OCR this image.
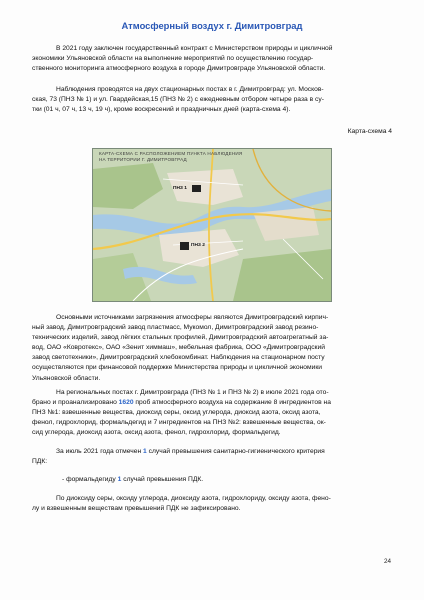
Атмосферный воздух г. Димитровград

В 2021 году заключен государственный контракт с Министерством природы и цикличной
экономики Ульяновской области на выполнение мероприятий по осуществлению государ-
ственного мониторинга атмосферного воздуха в городе Димитровграде Ульяновской области.

Наблюдения проводятся на двух стационарных постах в г. Димитровград: ул. Москов-
ская, 73 (ПНЗ № 1) и ул. Гвардейская,15 (ПНЗ № 2) с ежедневным отбором четыре раза в су-
тки (01 ч, 07 ч, 13 ч, 19 ч), кроме воскресений и праздничных дней (карта-схема 4).

Карта-схема 4
КАРТА-СХЕМА С РАСПОЛОЖЕНИЕМ ПУНКТА НАБЛЮДЕНИЯ
НА ТЕРРИТОРИИ Г. ДИМИТРОВГРАД
ПНЗ 1
ПНЗ 2

Основными источниками загрязнения атмосферы являются Димитровградский кирпич-
ный завод, Димитровградский завод пластмасс, Мукомол, Димитровградский завод резино-
технических изделий, завод лёгких стальных профилей, Димитровградский автоагрегатный за-
вод, ОАО «Ковротекс», ОАО «Зенит химмаш», мебельная фабрика, ООО «Димитровградский
завод светотехники», Димитровградский хлебокомбинат. Наблюдения на стационарном посту
осуществляются при финансовой поддержке Министерства природы и цикличной экономики
Ульяновской области.

На региональных постах г. Димитровграда (ПНЗ № 1 и ПНЗ № 2) в июле 2021 года ото-
брано и проанализировано 1620 проб атмосферного воздуха на содержание 8 ингредиентов на
ПНЗ №1: взвешенные вещества, диоксид серы, оксид углерода, диоксид азота, оксид азота,
фенол, гидрохлорид, формальдегид и 7 ингредиентов на ПНЗ №2: взвешенные вещества, ок-
сид углерода, диоксид азота, оксид азота, фенол, гидрохлорид, формальдегид.

За июль 2021 года отмечен 1 случай превышения санитарно-гигиенического критерия
ПДК:

- формальдегиду 1 случай превышения ПДК.

По диоксиду серы, оксиду углерода, диоксиду азота, гидрохлориду, оксиду азота, фено-
лу и взвешенным веществам превышений ПДК не зафиксировано.

24
